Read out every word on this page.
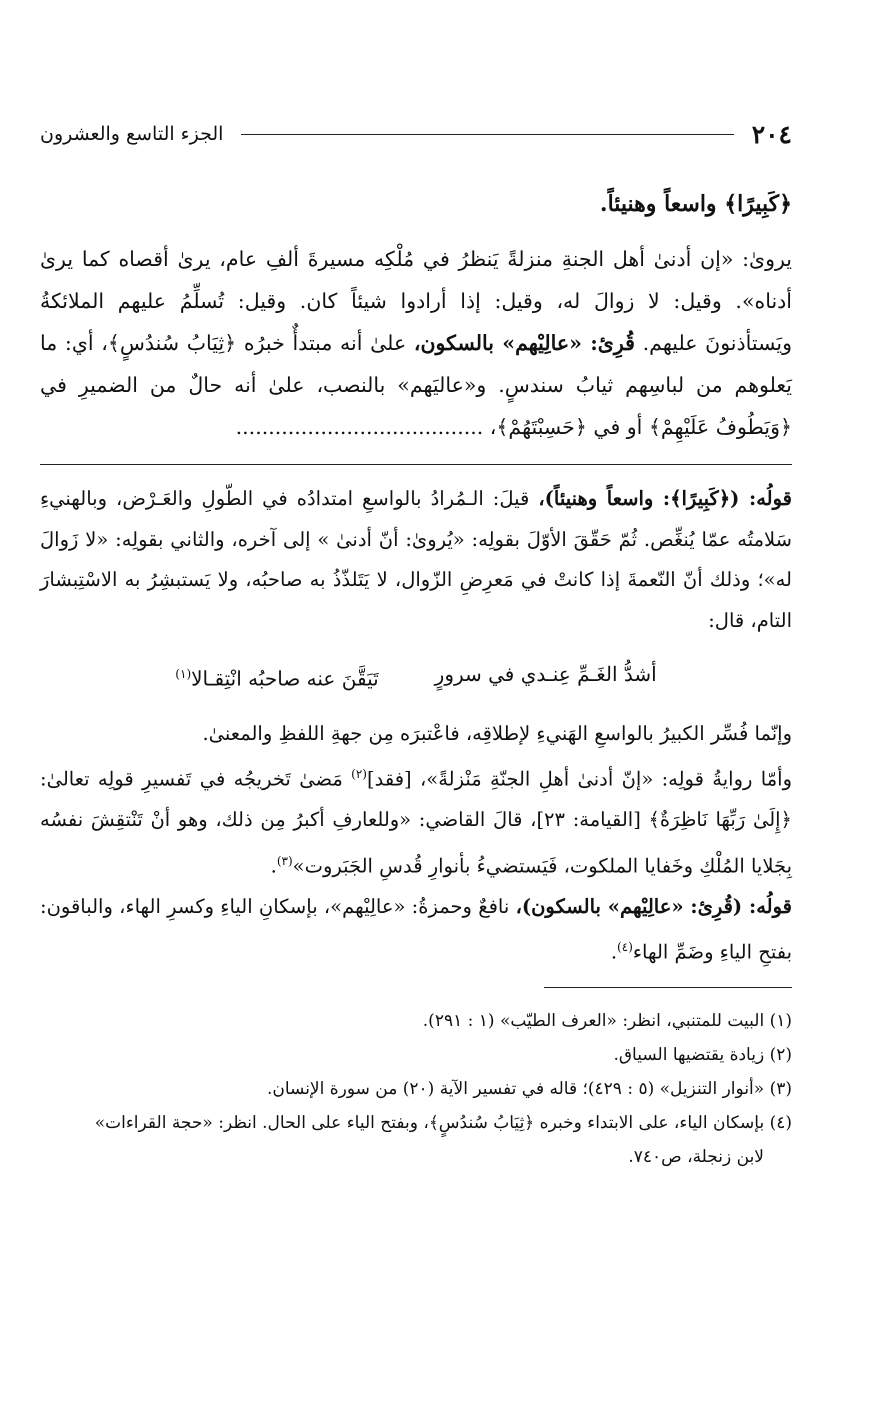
٢٠٤
الجزء التاسع والعشرون
﴿كَبِيرًا﴾ واسعاً وهنيئاً.
يروىٰ: «إن أدنىٰ أهل الجنةِ منزلةً يَنظرُ في مُلْكِه مسيرةَ ألفِ عام، يرىٰ أقصاه كما يرىٰ أدناه». وقيل: لا زوالَ له، وقيل: إذا أرادوا شيئاً كان. وقيل: تُسلِّمُ عليهم الملائكةُ ويَستأذنونَ عليهم. قُرِئ: «عالِيْهم» بالسكون، علىٰ أنه مبتدأٌ خبرُه ﴿ثِيَابُ سُندُسٍ﴾، أي: ما يَعلوهم من لباسِهم ثيابُ سندسٍ. و«عاليَهم» بالنصب، علىٰ أنه حالٌ من الضميرِ في ﴿وَيَطُوفُ عَلَيْهِمْ﴾ أو في ﴿حَسِبْتَهُمْ﴾، ......................................

قولُه: (﴿كَبِيرًا﴾: واسعاً وهنيئاً)، قيلَ: الـمُرادُ بالواسعِ امتدادُه في الطّولِ والعَـرْض، وبالهنيءِ سَلامتُه عمّا يُنغِّص. ثُمّ حَقّقَ الأوّلَ بقولِه: «يُروىٰ: أنّ أدنىٰ » إلى آخره، والثاني بقولِه: «لا زَوالَ له»؛ وذلك أنّ النّعمةَ إذا كانتْ في مَعرِضِ الزّوال، لا يَتَلذّذُ به صاحبُه، ولا يَستبشِرُ به الاسْتِبشارَ التام، قال:

أشدُّ الغَـمِّ عِنـدي في سرورٍ
تَيَقَّنَ عنه صاحبُه انْتِقـالا$^{(١)}$

وإنّما فُسِّر الكبيرُ بالواسعِ الهَنيءِ لإطلاقِه، فاعْتبرَه مِن جهةِ اللفظِ والمعنىٰ.

وأمّا روايةُ قولِه: «إنّ أدنىٰ أهلِ الجنّةِ مَنْزلةً»، [فقد]$^{(٢)}$ مَضىٰ تَخريجُه في تَفسيرِ قولِه تعالىٰ: ﴿إِلَىٰ رَبِّهَا نَاظِرَةٌ﴾ [القيامة: ٢٣]، قالَ القاضي: «وللعارفِ أكبرُ مِن ذلك، وهو أنْ تَنْتقِشَ نفسُه بِجَلايا المُلْكِ وخَفايا الملكوت، فَيَستضيءُ بأنوارِ قُدسِ الجَبَروت»$^{(٣)}$.

قولُه: (قُرِئ: «عالِيْهم» بالسكون)، نافعٌ وحمزةُ: «عالِيْهم»، بإسكانِ الياءِ وكسرِ الهاء، والباقون: بفتحِ الياءِ وضَمِّ الهاء$^{(٤)}$.

(١) البيت للمتنبي، انظر: «العرف الطيّب» (١ : ٢٩١).

(٢) زيادة يقتضيها السياق.

(٣) «أنوار التنزيل» (٥ : ٤٢٩)؛ قاله في تفسير الآية (٢٠) من سورة الإنسان.

(٤) بإسكان الياء، على الابتداء وخبره ﴿ثِيَابُ سُندُسٍ﴾، وبفتح الياء على الحال. انظر: «حجة القراءات»

لابن زنجلة، ص٧٤٠.
